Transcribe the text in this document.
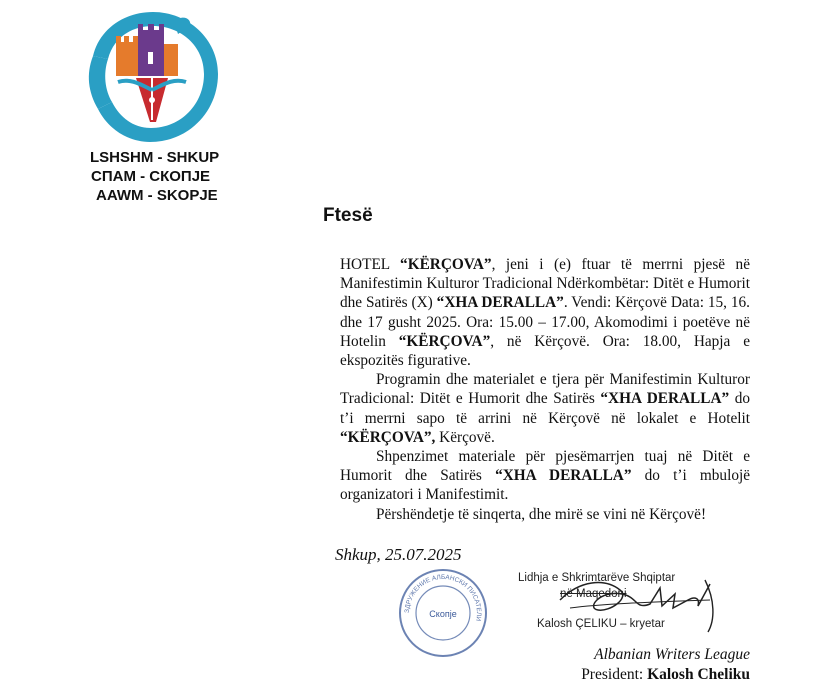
LSHSHM - SHKUP
СПАМ - СКОПЈЕ
AAWM - SKOPJE
Ftesë

HOTEL “KËRÇOVA”, jeni i (e) ftuar të merrni pjesë në Manifestimin Kulturor Tradicional Ndërkombëtar: Ditët e Humorit dhe Satirës (X) “XHA DERALLA”. Vendi: Kërçovë Data: 15, 16. dhe 17 gusht 2025. Ora: 15.00 – 17.00, Akomodimi i poetëve në Hotelin “KËRÇOVA”, në Kërçovë. Ora: 18.00, Hapja e ekspozitës figurative.

Programin dhe materialet e tjera për Manifestimin Kulturor Tradicional: Ditët e Humorit dhe Satirës “XHA DERALLA” do t’i merrni sapo të arrini në Kërçovë në lokalet e Hotelit “KËRÇOVA”, Kërçovë.

Shpenzimet materiale për pjesëmarrjen tuaj në Ditët e Humorit dhe Satirës “XHA DERALLA” do t’i mbulojë organizatori i Manifestimit.

Përshëndetje të sinqerta, dhe mirë se vini në Kërçovë!

Shkup, 25.07.2025
ЗДРУЖЕНИЕ АЛБАНСКИ ПИСАТЕЛИ
Скопје
Lidhja e Shkrimtarëve Shqiptar
në Maqedoni
Kalosh ÇELIKU – kryetar
Albanian Writers League
President: Kalosh Cheliku
